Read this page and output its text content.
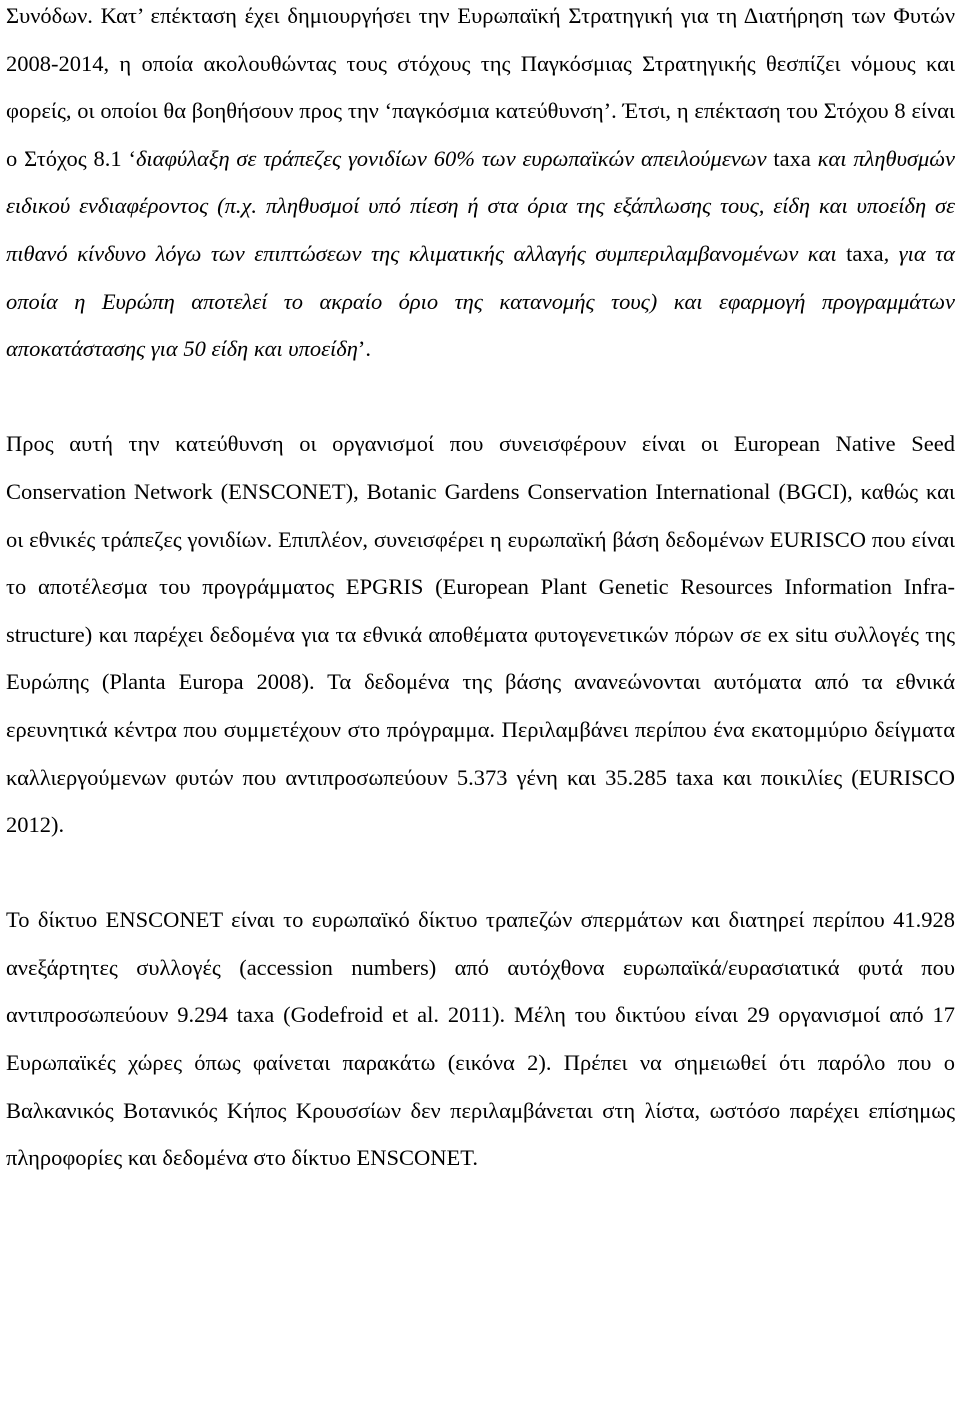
Συνόδων. Κατ’ επέκταση έχει δημιουργήσει την Ευρωπαϊκή Στρατηγική για τη Διατήρηση των Φυτών 2008-2014, η οποία ακολουθώντας τους στόχους της Παγκόσμιας Στρατηγικής θεσπίζει νόμους και φορείς, οι οποίοι θα βοηθήσουν προς την ‘παγκόσμια κατεύθυνση’. Έτσι, η επέκταση του Στόχου 8 είναι ο Στόχος 8.1 ‘διαφύλαξη σε τράπεζες γονιδίων 60% των ευρωπαϊκών απειλούμενων taxa και πληθυσμών ειδικού ενδιαφέροντος (π.χ. πληθυσμοί υπό πίεση ή στα όρια της εξάπλωσης τους, είδη και υποείδη σε πιθανό κίνδυνο λόγω των επιπτώσεων της κλιματικής αλλαγής συμπεριλαμβανομένων και taxa, για τα οποία η Ευρώπη αποτελεί το ακραίο όριο της κατανομής τους) και εφαρμογή προγραμμάτων αποκατάστασης για 50 είδη και υποείδη’.

Προς αυτή την κατεύθυνση οι οργανισμοί που συνεισφέρουν είναι οι European Native Seed Conservation Network (ENSCONET), Botanic Gardens Conservation International (BGCI), καθώς και οι εθνικές τράπεζες γονιδίων. Επιπλέον, συνεισφέρει η ευρωπαϊκή βάση δεδομένων EURISCO που είναι το αποτέλεσμα του προγράμματος EPGRIS (European Plant Genetic Resources Information Infra-structure) και παρέχει δεδομένα για τα εθνικά αποθέματα φυτογενετικών πόρων σε ex situ συλλογές της Ευρώπης (Planta Europa 2008). Τα δεδομένα της βάσης ανανεώνονται αυτόματα από τα εθνικά ερευνητικά κέντρα που συμμετέχουν στο πρόγραμμα. Περιλαμβάνει περίπου ένα εκατομμύριο δείγματα καλλιεργούμενων φυτών που αντιπροσωπεύουν 5.373 γένη και 35.285 taxa και ποικιλίες (EURISCO 2012).

Το δίκτυο ENSCONET είναι το ευρωπαϊκό δίκτυο τραπεζών σπερμάτων και διατηρεί περίπου 41.928 ανεξάρτητες συλλογές (accession numbers) από αυτόχθονα ευρωπαϊκά/ευρασιατικά φυτά που αντιπροσωπεύουν 9.294 taxa (Godefroid et al. 2011). Μέλη του δικτύου είναι 29 οργανισμοί από 17 Ευρωπαϊκές χώρες όπως φαίνεται παρακάτω (εικόνα 2). Πρέπει να σημειωθεί ότι παρόλο που ο Βαλκανικός Βοτανικός Κήπος Κρουσσίων δεν περιλαμβάνεται στη λίστα, ωστόσο παρέχει επίσημως πληροφορίες και δεδομένα στο δίκτυο ENSCONET.
